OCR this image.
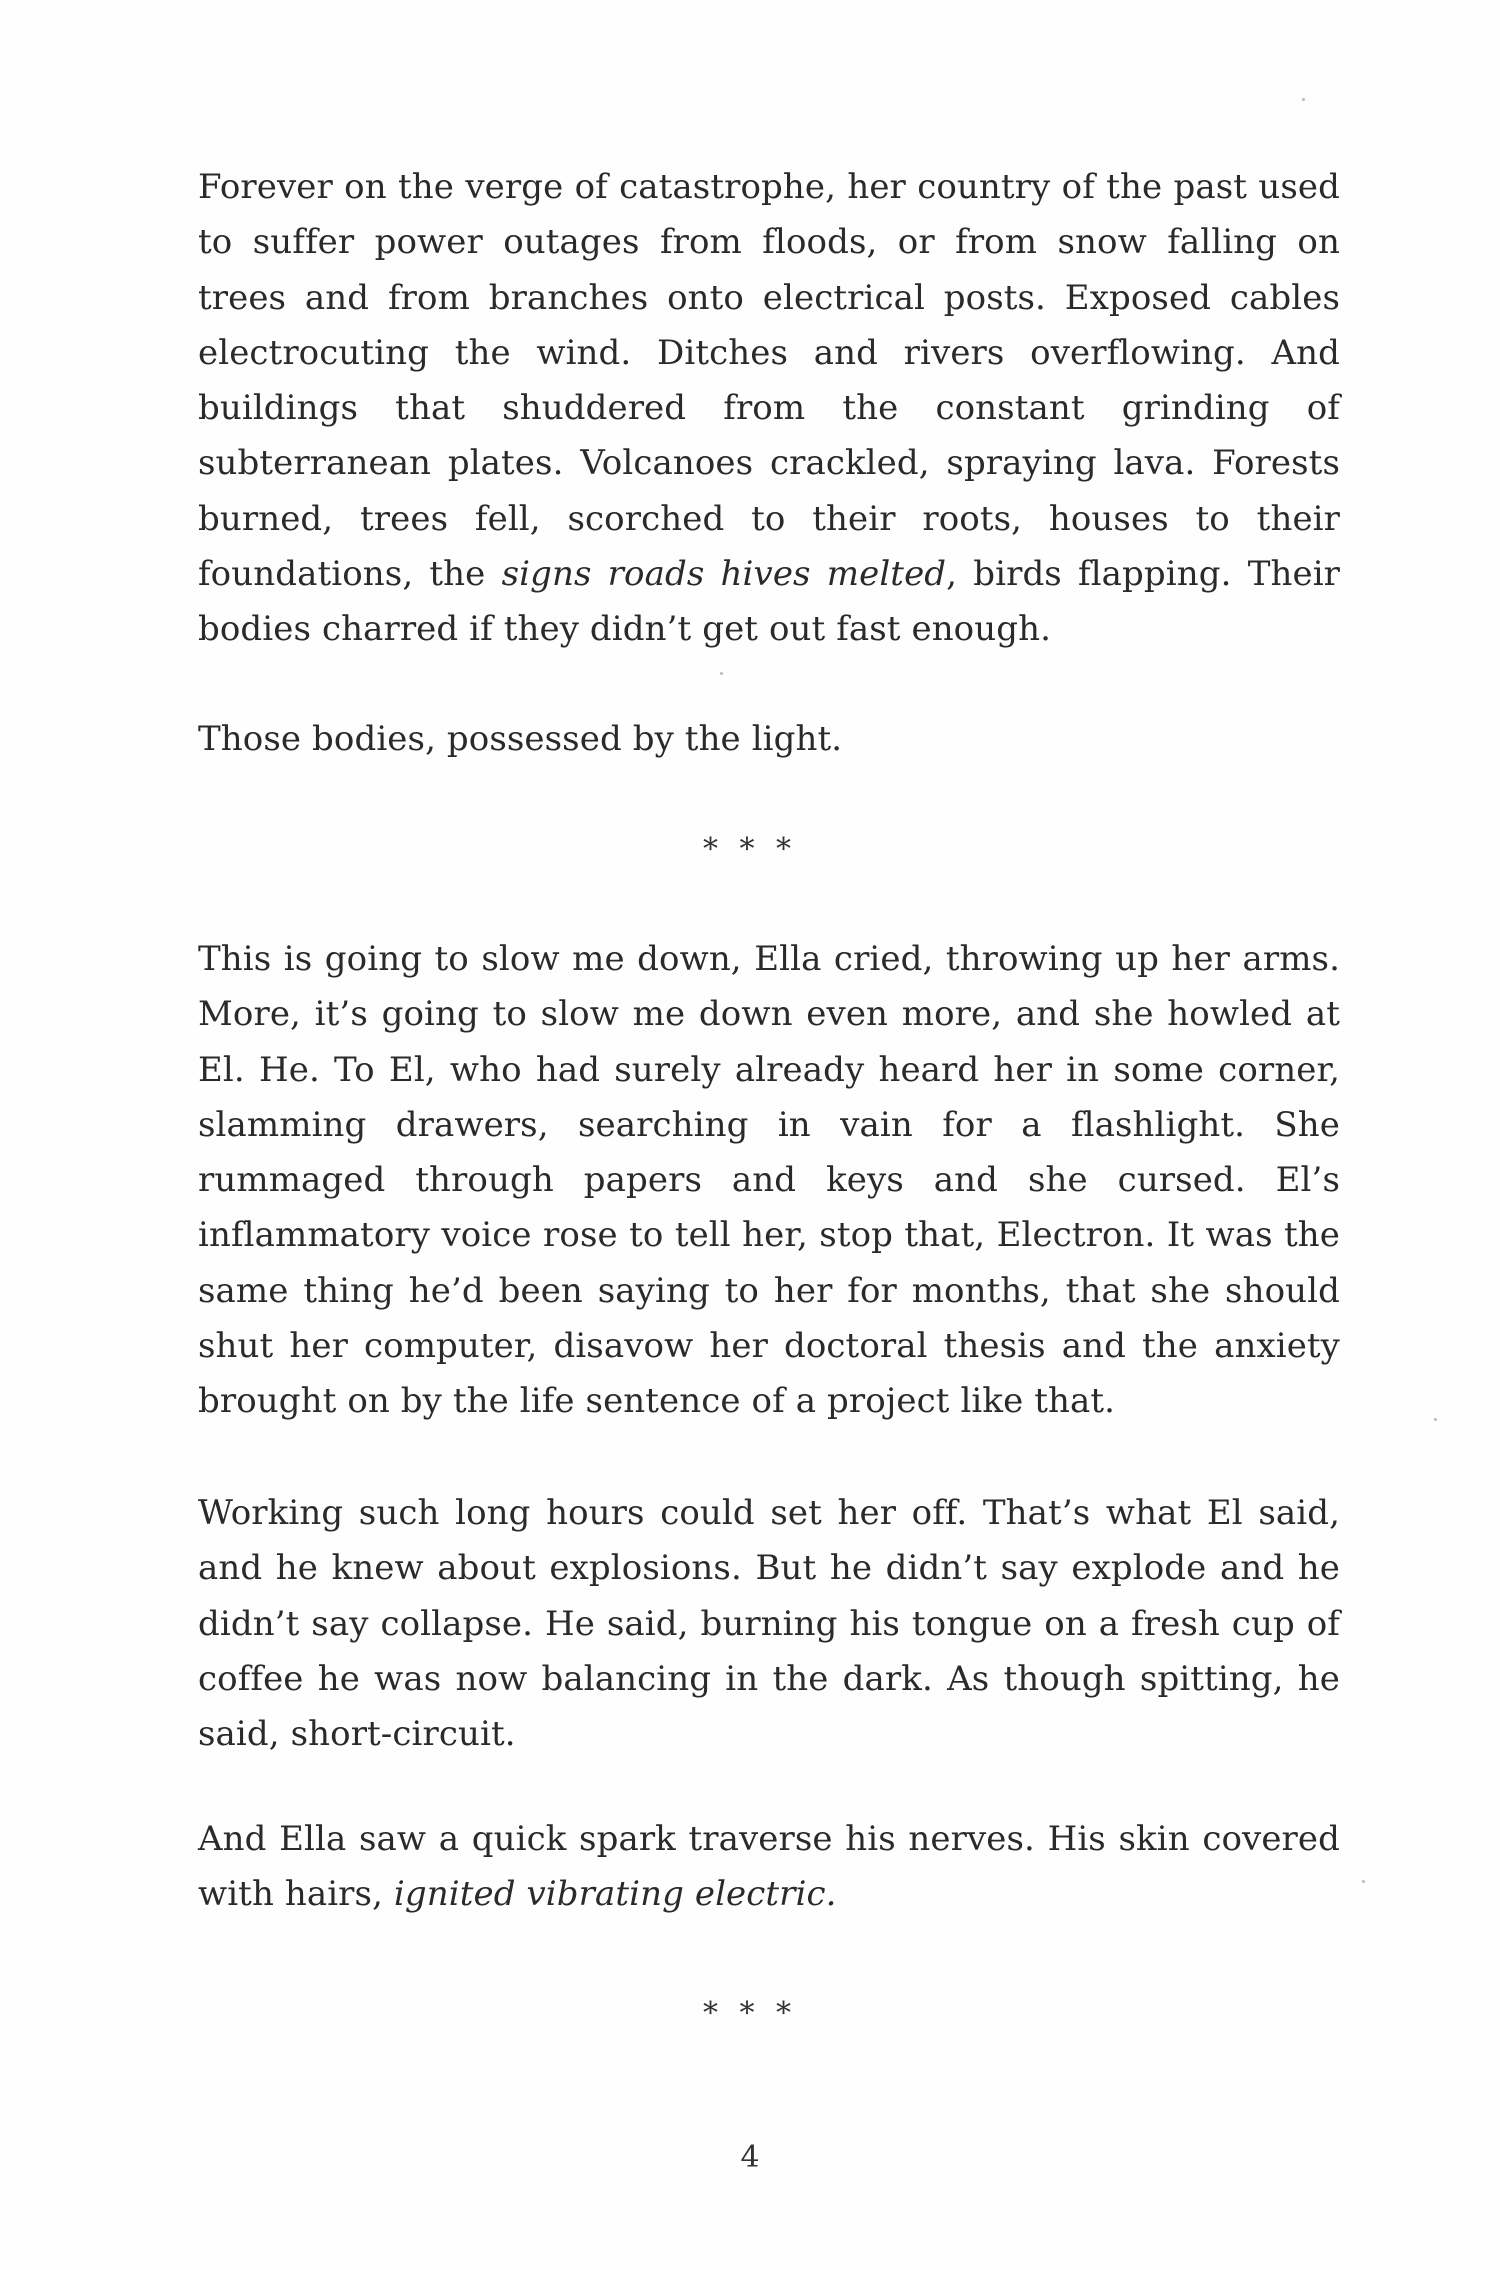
Forever on the verge of catastrophe, her country of the past used to suffer power outages from floods, or from snow falling on trees and from branches onto electrical posts. Exposed cables electrocuting the wind. Ditches and rivers overflowing. And buildings that shuddered from the constant grinding of subterranean plates. Volcanoes crackled, spraying lava. Forests burned, trees fell, scorched to their roots, houses to their foundations, the signs roads hives melted, birds flapping. Their bodies charred if they didn’t get out fast enough.

Those bodies, possessed by the light.

* * *

This is going to slow me down, Ella cried, throwing up her arms. More, it’s going to slow me down even more, and she howled at El. He. To El, who had surely already heard her in some corner, slamming drawers, searching in vain for a flashlight. She rummaged through papers and keys and she cursed. El’s inflammatory voice rose to tell her, stop that, Electron. It was the same thing he’d been saying to her for months, that she should shut her computer, disavow her doctoral thesis and the anxiety brought on by the life sentence of a project like that.

Working such long hours could set her off. That’s what El said, and he knew about explosions. But he didn’t say explode and he didn’t say collapse. He said, burning his tongue on a fresh cup of coffee he was now balancing in the dark. As though spitting, he said, short-circuit.

And Ella saw a quick spark traverse his nerves. His skin covered with hairs, ignited vibrating electric.

* * *
4
